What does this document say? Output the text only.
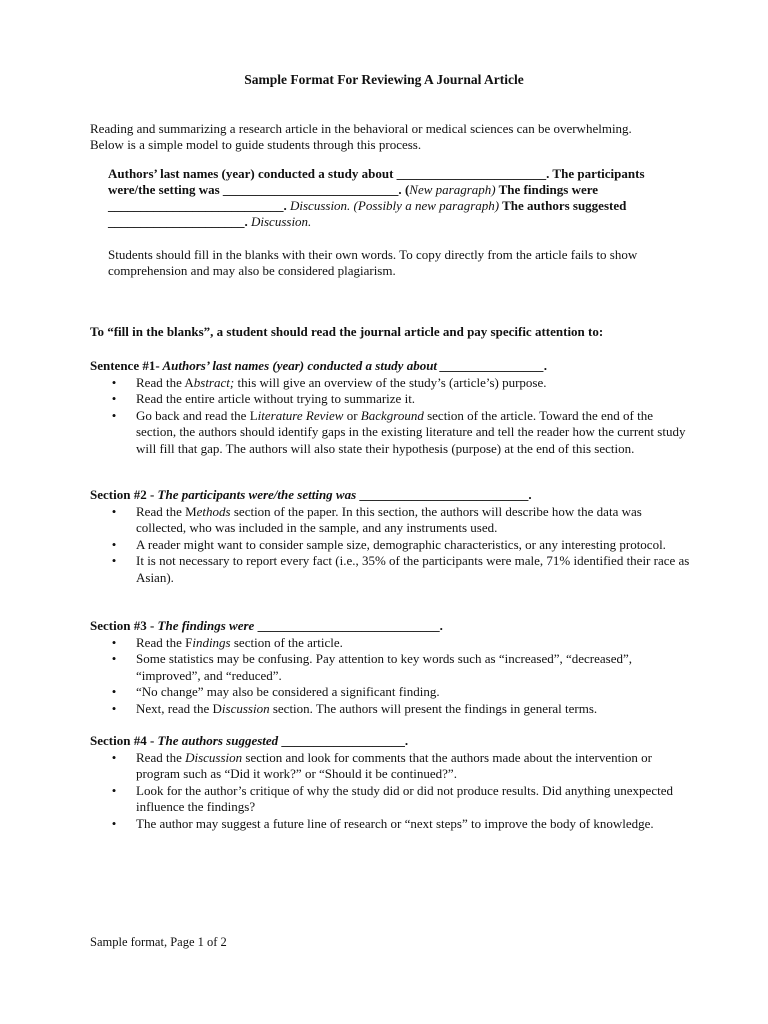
Sample Format For Reviewing A Journal Article

Reading and summarizing a research article in the behavioral or medical sciences can be overwhelming.

Below is a simple model to guide students through this process.

Authors’ last names (year) conducted a study about _______________________. The participants were/the setting was ___________________________. (New paragraph) The findings were ___________________________. Discussion. (Possibly a new paragraph) The authors suggested _____________________. Discussion.
Students should fill in the blanks with their own words. To copy directly from the article fails to show comprehension and may also be considered plagiarism.
To “fill in the blanks”, a student should read the journal article and pay specific attention to:
Sentence #1- Authors’ last names (year) conducted a study about ________________.
• Read the Abstract; this will give an overview of the study’s (article’s) purpose.
• Read the entire article without trying to summarize it.
• Go back and read the Literature Review or Background section of the article. Toward the end of the section, the authors should identify gaps in the existing literature and tell the reader how the current study will fill that gap. The authors will also state their hypothesis (purpose) at the end of this section.
Section #2 - The participants were/the setting was __________________________.
• Read the Methods section of the paper. In this section, the authors will describe how the data was collected, who was included in the sample, and any instruments used.
• A reader might want to consider sample size, demographic characteristics, or any interesting protocol.
• It is not necessary to report every fact (i.e., 35% of the participants were male, 71% identified their race as Asian).
Section #3 - The findings were ____________________________.
• Read the Findings section of the article.
• Some statistics may be confusing. Pay attention to key words such as “increased”, “decreased”, “improved”, and “reduced”.
• “No change” may also be considered a significant finding.
• Next, read the Discussion section. The authors will present the findings in general terms.
Section #4 - The authors suggested ___________________.
• Read the Discussion section and look for comments that the authors made about the intervention or program such as “Did it work?” or “Should it be continued?”.
• Look for the author’s critique of why the study did or did not produce results. Did anything unexpected influence the findings?
• The author may suggest a future line of research or “next steps” to improve the body of knowledge.
Sample format, Page 1 of 2
